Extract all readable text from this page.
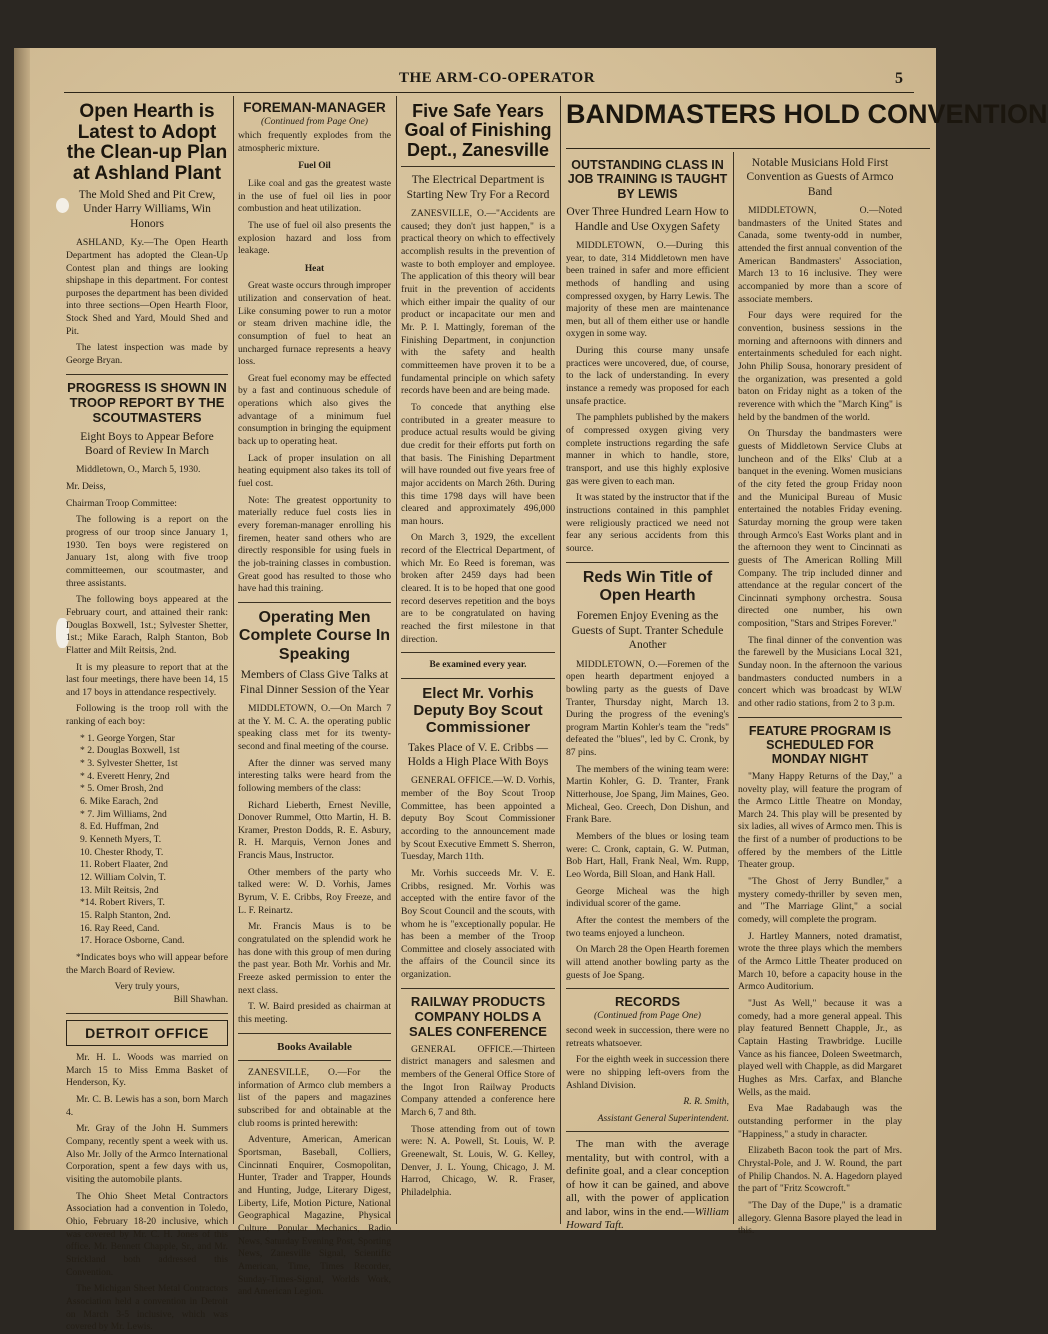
THE ARM-CO-OPERATOR	5
Open Hearth is Latest to Adopt the Clean-up Plan at Ashland Plant
The Mold Shed and Pit Crew, Under Harry Williams, Win Honors

ASHLAND, Ky.—The Open Hearth Department has adopted the Clean-Up Contest plan and things are looking shipshape in this department. For contest purposes the department has been divided into three sections—Open Hearth Floor, Stock Shed and Yard, Mould Shed and Pit.

The latest inspection was made by George Bryan.

PROGRESS IS SHOWN IN TROOP REPORT BY THE SCOUTMASTERS
Eight Boys to Appear Before Board of Review In March

Middletown, O., March 5, 1930.

Mr. Deiss,

Chairman Troop Committee:

The following is a report on the progress of our troop since January 1, 1930. Ten boys were registered on January 1st, along with five troop committeemen, our scoutmaster, and three assistants.

The following boys appeared at the February court, and attained their rank: Douglas Boxwell, 1st.; Sylvester Shetter, 1st.; Mike Earach, Ralph Stanton, Bob Flatter and Milt Reitsis, 2nd.

It is my pleasure to report that at the last four meetings, there have been 14, 15 and 17 boys in attendance respectively.

Following is the troop roll with the ranking of each boy:

* 1. George Yorgen, Star
* 2. Douglas Boxwell, 1st
* 3. Sylvester Shetter, 1st
* 4. Everett Henry, 2nd
* 5. Omer Brosh, 2nd
6. Mike Earach, 2nd
* 7. Jim Williams, 2nd
8. Ed. Huffman, 2nd
9. Kenneth Myers, T.
10. Chester Rhody, T.
11. Robert Flaater, 2nd
12. William Colvin, T.
13. Milt Reitsis, 2nd
*14. Robert Rivers, T.
15. Ralph Stanton, 2nd.
16. Ray Reed, Cand.
17. Horace Osborne, Cand.

*Indicates boys who will appear before the March Board of Review.

Very truly yours,
Bill Shawhan.
DETROIT OFFICE

Mr. H. L. Woods was married on March 15 to Miss Emma Basket of Henderson, Ky.

Mr. C. B. Lewis has a son, born March 4.

Mr. Gray of the John H. Summers Company, recently spent a week with us. Also Mr. Jolly of the Armco International Corporation, spent a few days with us, visiting the automobile plants.

The Ohio Sheet Metal Contractors Association had a convention in Toledo, Ohio, February 18-20 inclusive, which was covered by Mr. C. H. Jones of this office. Mr. Bennett Chapple, Sr., and Mr. Strickland both addressed this Convention.

The Michigan Sheet Metal Contractors Association held a convention in Detroit on March 3-5 inclusive, which was covered by Mr. Lewis.

FOREMAN-MANAGER
(Continued from Page One)

which frequently explodes from the atmospheric mixture.

Fuel Oil

Like coal and gas the greatest waste in the use of fuel oil lies in poor combustion and heat utilization.

The use of fuel oil also presents the explosion hazard and loss from leakage.

Heat

Great waste occurs through improper utilization and conservation of heat. Like consuming power to run a motor or steam driven machine idle, the consumption of fuel to heat an uncharged furnace represents a heavy loss.

Great fuel economy may be effected by a fast and continuous schedule of operations which also gives the advantage of a minimum fuel consumption in bringing the equipment back up to operating heat.

Lack of proper insulation on all heating equipment also takes its toll of fuel cost.

Note: The greatest opportunity to materially reduce fuel costs lies in every foreman-manager enrolling his firemen, heater sand others who are directly responsible for using fuels in the job-training classes in combustion. Great good has resulted to those who have had this training.

Operating Men Complete Course In Speaking
Members of Class Give Talks at Final Dinner Session of the Year

MIDDLETOWN, O.—On March 7 at the Y. M. C. A. the operating public speaking class met for its twenty-second and final meeting of the course.

After the dinner was served many interesting talks were heard from the following members of the class:

Richard Lieberth, Ernest Neville, Donover Rummel, Otto Martin, H. B. Kramer, Preston Dodds, R. E. Asbury, R. H. Marquis, Vernon Jones and Francis Maus, Instructor.

Other members of the party who talked were: W. D. Vorhis, James Byrum, V. E. Cribbs, Roy Freeze, and L. F. Reinartz.

Mr. Francis Maus is to be congratulated on the splendid work he has done with this group of men during the past year. Both Mr. Vorhis and Mr. Freeze asked permission to enter the next class.

T. W. Baird presided as chairman at this meeting.

Books Available

ZANESVILLE, O.—For the information of Armco club members a list of the papers and magazines subscribed for and obtainable at the club rooms is printed herewith:

Adventure, American, American Sportsman, Baseball, Colliers, Cincinnati Enquirer, Cosmopolitan, Hunter, Trader and Trapper, Hounds and Hunting, Judge, Literary Digest, Liberty, Life, Motion Picture, National Geographical Magazine, Physical Culture, Popular Mechanics, Radio News, Saturday Evening Post, Sporting News, Zanesville Signal, Scientific American, Time, Times Recorder, Sunday-Times-Signal, Worlds Work, and American Legion.

Five Safe Years Goal of Finishing Dept., Zanesville
The Electrical Department is Starting New Try For a Record

ZANESVILLE, O.—"Accidents are caused; they don't just happen," is a practical theory on which to effectively accomplish results in the prevention of waste to both employer and employee. The application of this theory will bear fruit in the prevention of accidents which either impair the quality of our product or incapacitate our men and Mr. P. I. Mattingly, foreman of the Finishing Department, in conjunction with the safety and health committeemen have proven it to be a fundamental principle on which safety records have been and are being made.

To concede that anything else contributed in a greater measure to produce actual results would be giving due credit for their efforts put forth on that basis. The Finishing Department will have rounded out five years free of major accidents on March 26th. During this time 1798 days will have been cleared and approximately 496,000 man hours.

On March 3, 1929, the excellent record of the Electrical Department, of which Mr. Eo Reed is foreman, was broken after 2459 days had been cleared. It is to be hoped that one good record deserves repetition and the boys are to be congratulated on having reached the first milestone in that direction.

Be examined every year.
Elect Mr. Vorhis Deputy Boy Scout Commissioner
Takes Place of V. E. Cribbs —Holds a High Place With Boys

GENERAL OFFICE.—W. D. Vorhis, member of the Boy Scout Troop Committee, has been appointed a deputy Boy Scout Commissioner according to the announcement made by Scout Executive Emmett S. Sherron, Tuesday, March 11th.

Mr. Vorhis succeeds Mr. V. E. Cribbs, resigned. Mr. Vorhis was accepted with the entire favor of the Boy Scout Council and the scouts, with whom he is "exceptionally popular. He has been a member of the Troop Committee and closely associated with the affairs of the Council since its organization.

RAILWAY PRODUCTS COMPANY HOLDS A SALES CONFERENCE

GENERAL OFFICE.—Thirteen district managers and salesmen and members of the General Office Store of the Ingot Iron Railway Products Company attended a conference here March 6, 7 and 8th.

Those attending from out of town were: N. A. Powell, St. Louis, W. P. Greenewalt, St. Louis, W. G. Kelley, Denver, J. L. Young, Chicago, J. M. Harrod, Chicago, W. R. Fraser, Philadelphia.

BANDMASTERS HOLD CONVENTION
OUTSTANDING CLASS IN JOB TRAINING IS TAUGHT BY LEWIS
Over Three Hundred Learn How to Handle and Use Oxygen Safety

MIDDLETOWN, O.—During this year, to date, 314 Middletown men have been trained in safer and more efficient methods of handling and using compressed oxygen, by Harry Lewis. The majority of these men are maintenance men, but all of them either use or handle oxygen in some way.

During this course many unsafe practices were uncovered, due, of course, to the lack of understanding. In every instance a remedy was proposed for each unsafe practice.

The pamphlets published by the makers of compressed oxygen giving very complete instructions regarding the safe manner in which to handle, store, transport, and use this highly explosive gas were given to each man.

It was stated by the instructor that if the instructions contained in this pamphlet were religiously practiced we need not fear any serious accidents from this source.

Reds Win Title of Open Hearth
Foremen Enjoy Evening as the Guests of Supt. Tranter Schedule Another

MIDDLETOWN, O.—Foremen of the open hearth department enjoyed a bowling party as the guests of Dave Tranter, Thursday night, March 13. During the progress of the evening's program Martin Kohler's team the "reds" defeated the "blues", led by C. Cronk, by 87 pins.

The members of the wining team were: Martin Kohler, G. D. Tranter, Frank Nitterhouse, Joe Spang, Jim Maines, Geo. Micheal, Geo. Creech, Don Dishun, and Frank Bare.

Members of the blues or losing team were: C. Cronk, captain, G. W. Putman, Bob Hart, Hall, Frank Neal, Wm. Rupp, Leo Worda, Bill Sloan, and Hank Hall.

George Micheal was the high individual scorer of the game.

After the contest the members of the two teams enjoyed a luncheon.

On March 28 the Open Hearth foremen will attend another bowling party as the guests of Joe Spang.

RECORDS
(Continued from Page One)

second week in succession, there were no retreats whatsoever.

For the eighth week in succession there were no shipping left-overs from the Ashland Division.

R. R. Smith,
Assistant General Superintendent.

The man with the average mentality, but with control, with a definite goal, and a clear conception of how it can be gained, and above all, with the power of application and labor, wins in the end.—William Howard Taft.

Notable Musicians Hold First Convention as Guests of Armco Band

MIDDLETOWN, O.—Noted bandmasters of the United States and Canada, some twenty-odd in number, attended the first annual convention of the American Bandmasters' Association, March 13 to 16 inclusive. They were accompanied by more than a score of associate members.

Four days were required for the convention, business sessions in the morning and afternoons with dinners and entertainments scheduled for each night. John Philip Sousa, honorary president of the organization, was presented a gold baton on Friday night as a token of the reverence with which the "March King" is held by the bandmen of the world.

On Thursday the bandmasters were guests of Middletown Service Clubs at luncheon and of the Elks' Club at a banquet in the evening. Women musicians of the city feted the group Friday noon and the Municipal Bureau of Music entertained the notables Friday evening. Saturday morning the group were taken through Armco's East Works plant and in the afternoon they went to Cincinnati as guests of The American Rolling Mill Company. The trip included dinner and attendance at the regular concert of the Cincinnati symphony orchestra. Sousa directed one number, his own composition, "Stars and Stripes Forever."

The final dinner of the convention was the farewell by the Musicians Local 321, Sunday noon. In the afternoon the various bandmasters conducted numbers in a concert which was broadcast by WLW and other radio stations, from 2 to 3 p.m.

FEATURE PROGRAM IS SCHEDULED FOR MONDAY NIGHT

"Many Happy Returns of the Day," a novelty play, will feature the program of the Armco Little Theatre on Monday, March 24. This play will be presented by six ladies, all wives of Armco men. This is the first of a number of productions to be offered by the members of the Little Theater group.

"The Ghost of Jerry Bundler," a mystery comedy-thriller by seven men, and "The Marriage Glint," a social comedy, will complete the program.

J. Hartley Manners, noted dramatist, wrote the three plays which the members of the Armco Little Theater produced on March 10, before a capacity house in the Armco Auditorium.

"Just As Well," because it was a comedy, had a more general appeal. This play featured Bennett Chapple, Jr., as Captain Hasting Trawbridge. Lucille Vance as his fiancee, Doleen Sweetmarch, played well with Chapple, as did Margaret Hughes as Mrs. Carfax, and Blanche Wells, as the maid.

Eva Mae Radabaugh was the outstanding performer in the play "Happiness," a study in character.

Elizabeth Bacon took the part of Mrs. Chrystal-Pole, and J. W. Round, the part of Philip Chandos. N. A. Hagedorn played the part of "Fritz Scowcroft."

"The Day of the Dupe," is a dramatic allegory. Glenna Basore played the lead in this.
